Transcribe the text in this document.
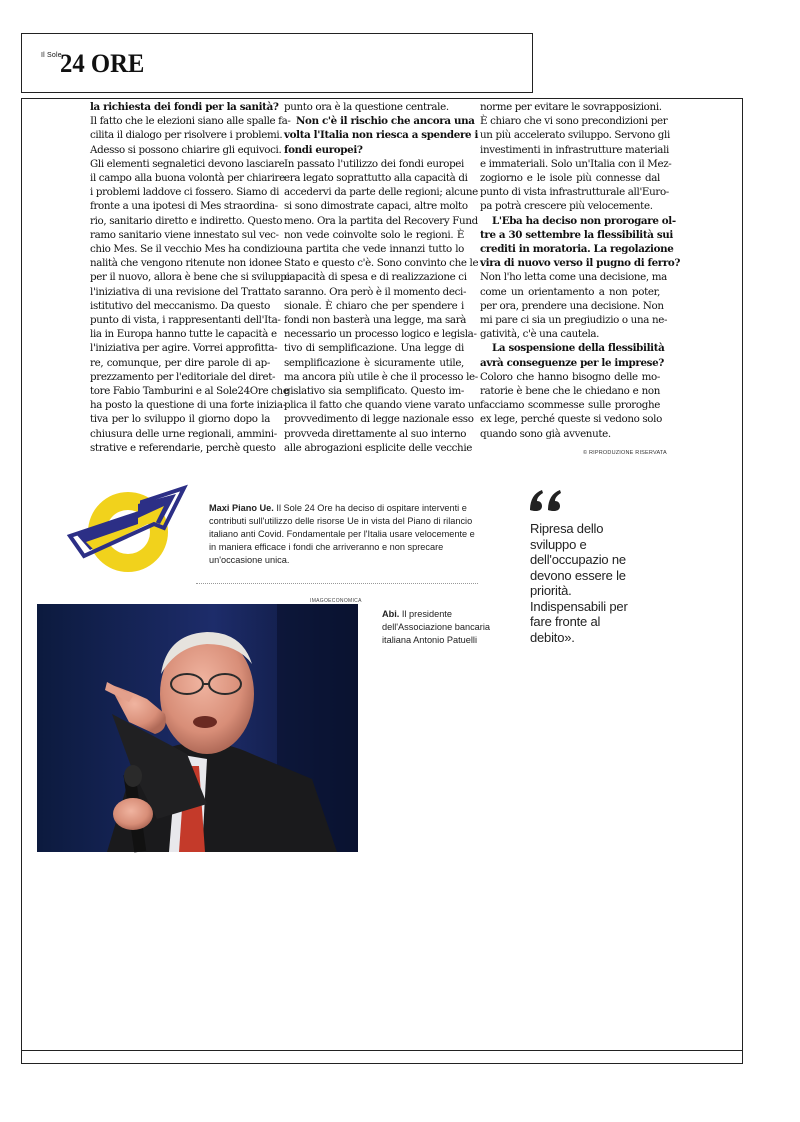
Il Sole
24 ORE
la richiesta dei fondi per la sanità?
Il fatto che le elezioni siano alle spalle fa-
cilita il dialogo per risolvere i problemi.
Adesso si possono chiarire gli equivoci.
Gli elementi segnaletici devono lasciare
il campo alla buona volontà per chiarire
i problemi laddove ci fossero. Siamo di
fronte a una ipotesi di Mes straordina-
rio, sanitario diretto e indiretto. Questo
ramo sanitario viene innestato sul vec-
chio Mes. Se il vecchio Mes ha condizio-
nalità che vengono ritenute non idonee
per il nuovo, allora è bene che si sviluppi
l'iniziativa di una revisione del Trattato
istitutivo del meccanismo. Da questo
punto di vista, i rappresentanti dell'Ita-
lia in Europa hanno tutte le capacità e
l'iniziativa per agire. Vorrei approfitta-
re, comunque, per dire parole di ap-
prezzamento per l'editoriale del diret-
tore Fabio Tamburini e al Sole24Ore che
ha posto la questione di una forte inizia-
tiva per lo sviluppo il giorno dopo la
chiusura delle urne regionali, ammini-
strative e referendarie, perchè questo
punto ora è la questione centrale.
Non c'è il rischio che ancora una
volta l'Italia non riesca a spendere i
fondi europei?
In passato l'utilizzo dei fondi europei
era legato soprattutto alla capacità di
accedervi da parte delle regioni; alcune
si sono dimostrate capaci, altre molto
meno. Ora la partita del Recovery Fund
non vede coinvolte solo le regioni. È
una partita che vede innanzi tutto lo
Stato e questo c'è. Sono convinto che le
capacità di spesa e di realizzazione ci
saranno. Ora però è il momento deci-
sionale. È chiaro che per spendere i
fondi non basterà una legge, ma sarà
necessario un processo logico e legisla-
tivo di semplificazione. Una legge di
semplificazione è sicuramente utile,
ma ancora più utile è che il processo le-
gislativo sia semplificato. Questo im-
plica il fatto che quando viene varato un
provvedimento di legge nazionale esso
provveda direttamente al suo interno
alle abrogazioni esplicite delle vecchie
norme per evitare le sovrapposizioni.
È chiaro che vi sono precondizioni per
un più accelerato sviluppo. Servono gli
investimenti in infrastrutture materiali
e immateriali. Solo un'Italia con il Mez-
zogiorno e le isole più connesse dal
punto di vista infrastrutturale all'Euro-
pa potrà crescere più velocemente.
L'Eba ha deciso non prorogare ol-
tre a 30 settembre la flessibilità sui
crediti in moratoria. La regolazione
vira di nuovo verso il pugno di ferro?
Non l'ho letta come una decisione, ma
come un orientamento a non poter,
per ora, prendere una decisione. Non
mi pare ci sia un pregiudizio o una ne-
gatività, c'è una cautela.
La sospensione della flessibilità
avrà conseguenze per le imprese?
Coloro che hanno bisogno delle mo-
ratorie è bene che le chiedano e non
facciamo scommesse sulle proroghe
ex lege, perché queste si vedono solo
quando sono già avvenute.
© RIPRODUZIONE RISERVATA
Maxi Piano Ue. Il Sole 24 Ore ha deciso di ospitare interventi e contributi sull'utilizzo delle risorse Ue in vista del Piano di rilancio italiano anti Covid. Fondamentale per l'Italia usare velocemente e in maniera efficace i fondi che arriveranno e non sprecare un'occasione unica.
Ripresa dello sviluppo e dell'occupazio ne devono essere le priorità. Indispensabili per fare fronte al debito».
IMAGOECONOMICA
Abi. Il presidente dell'Associazione bancaria italiana Antonio Patuelli
